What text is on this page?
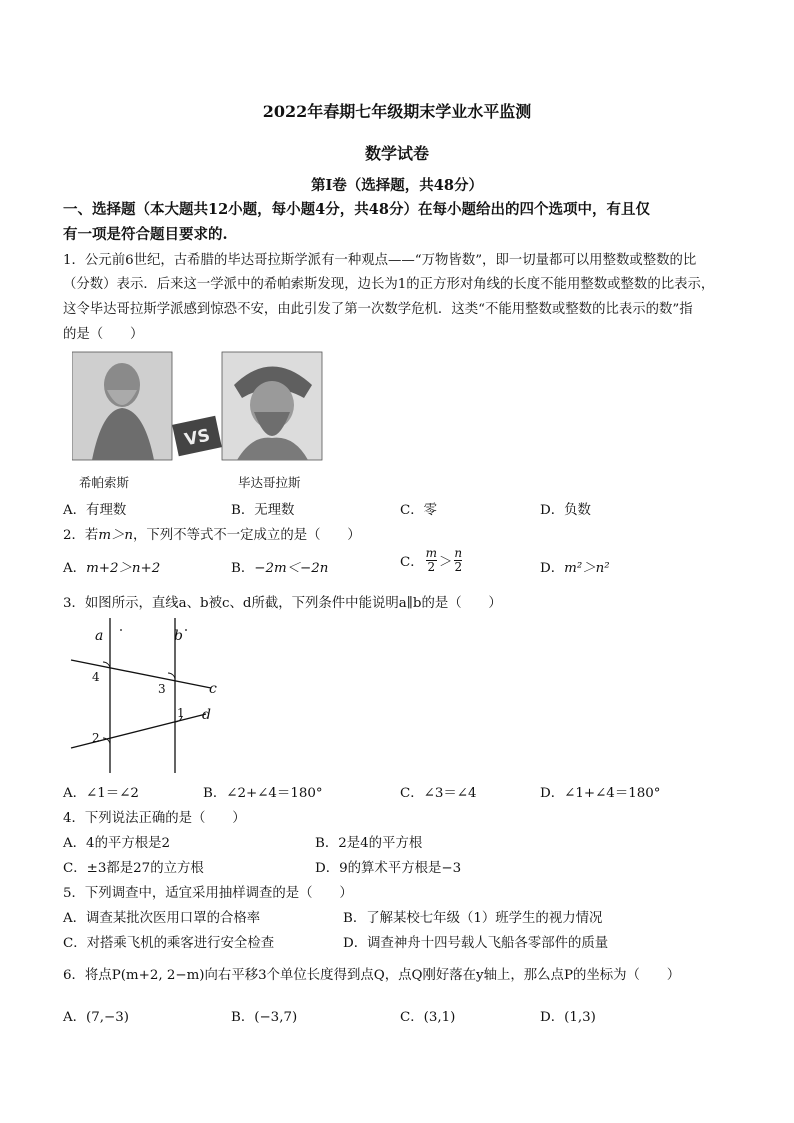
2022年春期七年级期末学业水平监测
数学试卷
第Ⅰ卷（选择题，共48分）
一、选择题（本大题共12小题，每小题4分，共48分）在每小题给出的四个选项中，有且仅
有一项是符合题目要求的.
1．公元前6世纪，古希腊的毕达哥拉斯学派有一种观点——“万物皆数”，即一切量都可以用整数或整数的比
（分数）表示．后来这一学派中的希帕索斯发现，边长为1的正方形对角线的长度不能用整数或整数的比表示，
这令毕达哥拉斯学派感到惊恐不安，由此引发了第一次数学危机．这类“不能用整数或整数的比表示的数”指
的是（　　）
VS
希帕索斯	毕达哥拉斯
A．有理数	B．无理数	C．零	D．负数
2．若m＞n，下列不等式不一定成立的是（　　）
A．m+2＞n+2	B．−2m＜−2n	C． $\frac{m}{2} > \frac{n}{2}$	D．m²＞n²
3．如图所示，直线a、b被c、d所截，下列条件中能说明a∥b的是（　　）
a	b
c
d
1
2
3
4
A．∠1＝∠2	B．∠2+∠4＝180°	C．∠3＝∠4	D．∠1+∠4＝180°
4．下列说法正确的是（　　）
A．4的平方根是2	B．2是4的平方根
C．±3都是27的立方根	D．9的算术平方根是−3
5．下列调查中，适宜采用抽样调查的是（　　）
A．调查某批次医用口罩的合格率	B．了解某校七年级（1）班学生的视力情况
C．对搭乘飞机的乘客进行安全检查	D．调查神舟十四号载人飞船各零部件的质量
6．将点P(m+2, 2−m)向右平移3个单位长度得到点Q，点Q刚好落在y轴上，那么点P的坐标为（　　）
A．(7,−3)	B．(−3,7)	C．(3,1)	D．(1,3)
